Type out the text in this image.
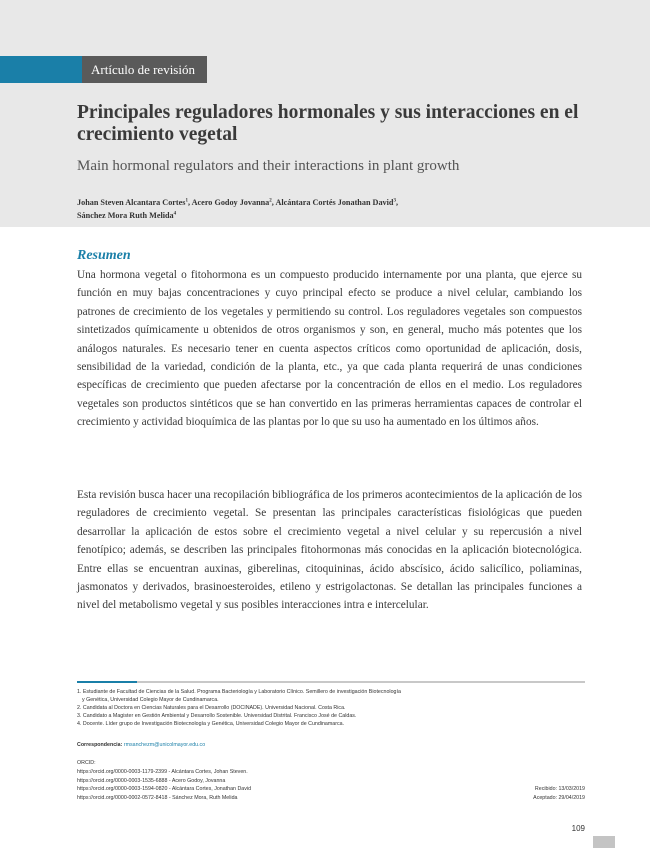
Artículo de revisión
Principales reguladores hormonales y sus interacciones en el crecimiento vegetal

Main hormonal regulators and their interactions in plant growth

Johan Steven Alcantara Cortes$^1$, Acero Godoy Jovanna$^2$, Alcántara Cortés Jonathan David$^3$,
Sánchez Mora Ruth Melida$^4$
Resumen

Una hormona vegetal o fitohormona es un compuesto producido internamente por una planta, que ejerce su función en muy bajas concentraciones y cuyo principal efecto se produce a nivel celular, cambiando los patrones de crecimiento de los vegetales y permitiendo su control. Los reguladores vegetales son compuestos sintetizados químicamente u obtenidos de otros organismos y son, en general, mucho más potentes que los análogos naturales. Es necesario tener en cuenta aspectos críticos como oportunidad de aplicación, dosis, sensibilidad de la variedad, condición de la planta, etc., ya que cada planta requerirá de unas condiciones específicas de crecimiento que pueden afectarse por la concentración de ellos en el medio. Los reguladores vegetales son productos sintéticos que se han convertido en las primeras herramientas capaces de controlar el crecimiento y actividad bioquímica de las plantas por lo que su uso ha aumentado en los últimos años.

Esta revisión busca hacer una recopilación bibliográfica de los primeros acontecimientos de la aplicación de los reguladores de crecimiento vegetal. Se presentan las principales características fisiológicas que pueden desarrollar la aplicación de estos sobre el crecimiento vegetal a nivel celular y su repercusión a nivel fenotípico; además, se describen las principales fitohormonas más conocidas en la aplicación biotecnológica. Entre ellas se encuentran auxinas, giberelinas, citoquininas, ácido abscísico, ácido salicílico, poliaminas, jasmonatos y derivados, brasinoesteroides, etileno y estrigolactonas. Se detallan las principales funciones a nivel del metabolismo vegetal y sus posibles interacciones intra e intercelular.

1. Estudiante de Facultad de Ciencias de la Salud. Programa Bacteriología y Laboratorio Clínico. Semillero de investigación Biotecnología

y Genética, Universidad Colegio Mayor de Cundinamarca.

2. Candidata al Doctora en Ciencias Naturales para el Desarrollo (DOCINADE). Universidad Nacional. Costa Rica.

3. Candidato a Magister en Gestión Ambiental y Desarrollo Sostenible. Universidad Distrital. Francisco José de Caldas.

4. Docente. Líder grupo de Investigación Biotecnología y Genética, Universidad Colegio Mayor de Cundinamarca.

Correspondencia: rmsanchezm@unicolmayor.edu.co

ORCID:

https://orcid.org/0000-0003-1179-2399 - Alcántara Cortes, Johan Steven.

https://orcid.org/0000-0003-1535-6888 - Acero Godoy, Jovanna

https://orcid.org/0000-0003-1594-0820 - Alcántara Cortes, Jonathan David

https://orcid.org/0000-0002-0572-8418 - Sánchez Mora, Ruth Melida

Recibido: 13/03/2019

Aceptado: 29/04/2019

109
